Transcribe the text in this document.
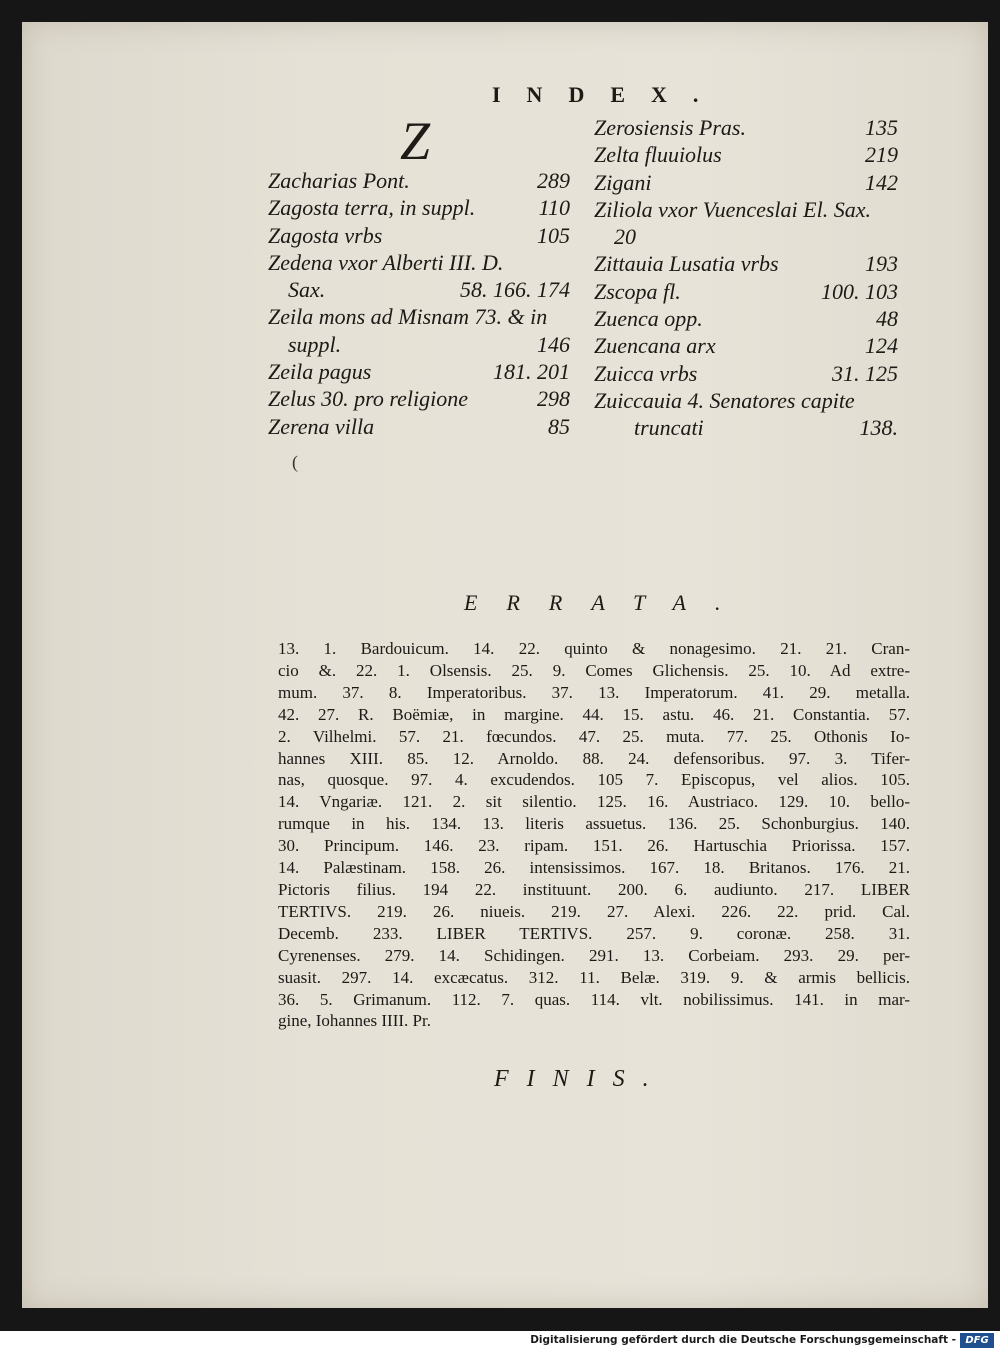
INDEX.
Z
Zacharias Pont.	289
Zagosta terra, in suppl.	110
Zagosta vrbs	105
Zedena vxor Alberti III. D.
Sax.	58. 166. 174
Zeila mons ad Misnam 73. & in
suppl.	146
Zeila pagus	181. 201
Zelus 30. pro religione	298
Zerena villa	85
Zerosiensis Pras.	135
Zelta fluuiolus	219
Zigani	142
Ziliola vxor Vuenceslai El. Sax.
20
Zittauia Lusatia vrbs	193
Zscopa fl.	100. 103
Zuenca opp.	48
Zuencana arx	124
Zuicca vrbs	31. 125
Zuiccauia 4. Senatores capite
truncati	138.
(
ERRATA.
13. 1. Bardouicum. 14. 22. quinto & nonagesimo. 21. 21. Cran-
cio &. 22. 1. Olsensis. 25. 9. Comes Glichensis. 25. 10. Ad extre-
mum. 37. 8. Imperatoribus. 37. 13. Imperatorum. 41. 29. metalla.
42. 27. R. Boëmiæ, in margine. 44. 15. astu. 46. 21. Constantia. 57.
2. Vilhelmi. 57. 21. fœcundos. 47. 25. muta. 77. 25. Othonis Io-
hannes XIII. 85. 12. Arnoldo. 88. 24. defensoribus. 97. 3. Tifer-
nas, quosque. 97. 4. excudendos. 105 7. Episcopus, vel alios. 105.
14. Vngariæ. 121. 2. sit silentio. 125. 16. Austriaco. 129. 10. bello-
rumque in his. 134. 13. literis assuetus. 136. 25. Schonburgius. 140.
30. Principum. 146. 23. ripam. 151. 26. Hartuschia Priorissa. 157.
14. Palæstinam. 158. 26. intensissimos. 167. 18. Britanos. 176. 21.
Pictoris filius. 194 22. instituunt. 200. 6. audiunto. 217. LIBER
TERTIVS. 219. 26. niueis. 219. 27. Alexi. 226. 22. prid. Cal.
Decemb. 233. LIBER TERTIVS. 257. 9. coronæ. 258. 31.
Cyrenenses. 279. 14. Schidingen. 291. 13. Corbeiam. 293. 29. per-
suasit. 297. 14. excæcatus. 312. 11. Belæ. 319. 9. & armis bellicis.
36. 5. Grimanum. 112. 7. quas. 114. vlt. nobilissimus. 141. in mar-
gine, Iohannes IIII. Pr.
FINIS.
Digitalisierung gefördert durch die Deutsche Forschungsgemeinschaft - DFG
